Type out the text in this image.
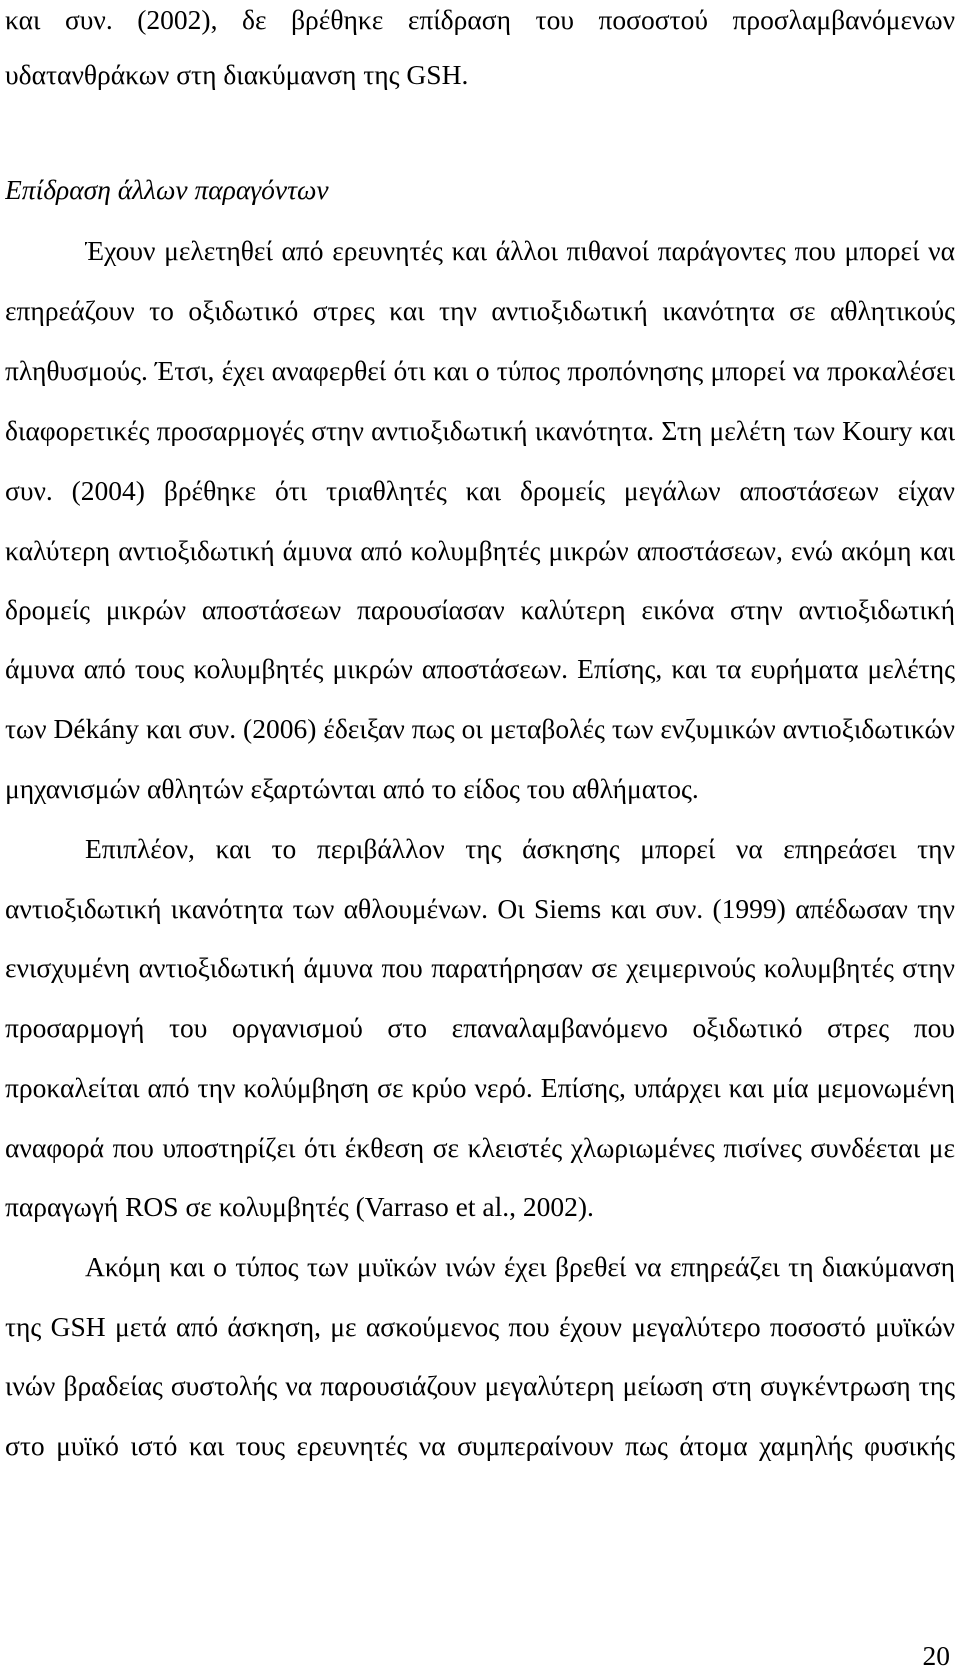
και συν. (2002), δε βρέθηκε επίδραση του ποσοστού προσλαμβανόμενων
υδατανθράκων στη διακύμανση της GSH.
Επίδραση άλλων παραγόντων
Έχουν μελετηθεί από ερευνητές και άλλοι πιθανοί παράγοντες που μπορεί να
επηρεάζουν το οξιδωτικό στρες και την αντιοξιδωτική ικανότητα σε αθλητικούς
πληθυσμούς. Έτσι, έχει αναφερθεί ότι και ο τύπος προπόνησης μπορεί να προκαλέσει
διαφορετικές προσαρμογές στην αντιοξιδωτική ικανότητα. Στη μελέτη των Koury και
συν. (2004) βρέθηκε ότι τριαθλητές και δρομείς μεγάλων αποστάσεων είχαν
καλύτερη αντιοξιδωτική άμυνα από κολυμβητές μικρών αποστάσεων, ενώ ακόμη και
δρομείς μικρών αποστάσεων παρουσίασαν καλύτερη εικόνα στην αντιοξιδωτική
άμυνα από τους κολυμβητές μικρών αποστάσεων. Επίσης, και τα ευρήματα μελέτης
των Dékány και συν. (2006) έδειξαν πως οι μεταβολές των ενζυμικών αντιοξιδωτικών
μηχανισμών αθλητών εξαρτώνται από το είδος του αθλήματος.
Επιπλέον, και το περιβάλλον της άσκησης μπορεί να επηρεάσει την
αντιοξιδωτική ικανότητα των αθλουμένων. Οι Siems και συν. (1999) απέδωσαν την
ενισχυμένη αντιοξιδωτική άμυνα που παρατήρησαν σε χειμερινούς κολυμβητές στην
προσαρμογή του οργανισμού στο επαναλαμβανόμενο οξιδωτικό στρες που
προκαλείται από την κολύμβηση σε κρύο νερό. Επίσης, υπάρχει και μία μεμονωμένη
αναφορά που υποστηρίζει ότι έκθεση σε κλειστές χλωριωμένες πισίνες συνδέεται με
παραγωγή ROS σε κολυμβητές (Varraso et al., 2002).
Ακόμη και ο τύπος των μυϊκών ινών έχει βρεθεί να επηρεάζει τη διακύμανση
της GSH μετά από άσκηση, με ασκούμενος που έχουν μεγαλύτερο ποσοστό μυϊκών
ινών βραδείας συστολής να παρουσιάζουν μεγαλύτερη μείωση στη συγκέντρωση της
στο μυϊκό ιστό και τους ερευνητές να συμπεραίνουν πως άτομα χαμηλής φυσικής
20
